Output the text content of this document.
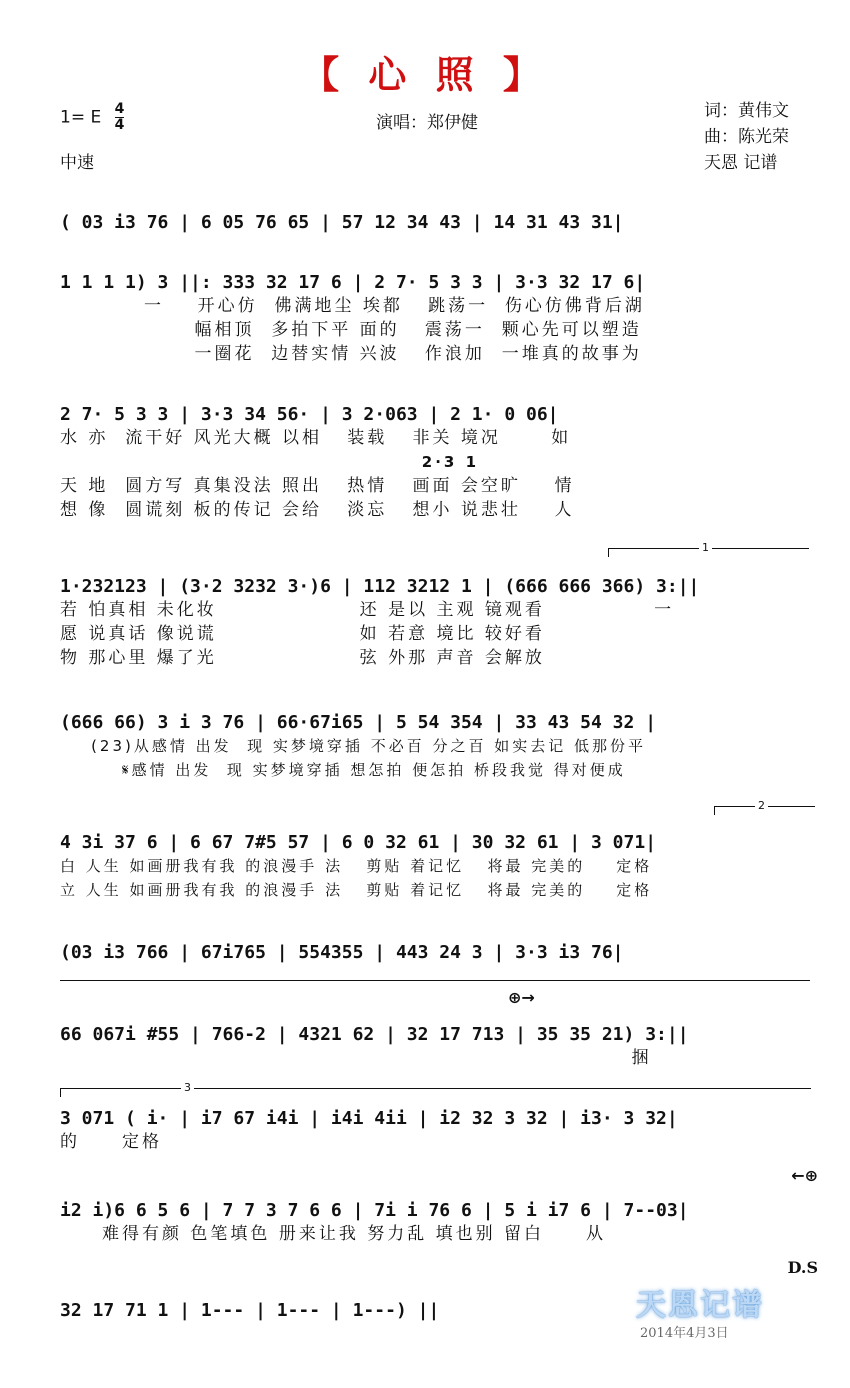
【 心 照 】
1= E $\frac{4}{4}$
中速
演唱：郑伊健
词：黄伟文
曲：陈光荣
天恩 记谱
( 03 i3 76 | 6 05 76 65 | 57 12 34 43 | 14 31 43 31|
1 1 1 1) 3 ||: 333 32 17 6 | 2 7· 5 3 3 | 3·3 32 17 6|
一    开心仿  佛满地尘 埃都   跳荡一  伤心仿佛背后湖
幅相顶  多拍下平 面的   震荡一  颗心先可以塑造
一圈花  边替实情 兴波   作浪加  一堆真的故事为
2 7· 5 3 3 | 3·3 34 56· | 3 2·063 | 2 1· 0 06|
水 亦  流干好 风光大概 以相   装载   非关 境况      如
2·3 1
天 地  圆方写 真集没法 照出   热情   画面 会空旷    情
想 像  圆谎刻 板的传记 会给   淡忘   想小 说悲壮    人
1
1·232123 | (3·2 3232 3·)6 | 112 3212 1 | (666 666 366) 3:||
若 怕真相 未化妆                 还 是以 主观 镜观看             一
愿 说真话 像说谎                 如 若意 境比 较好看
物 那心里 爆了光                 弦 外那 声音 会解放
(666 66) 3 i 3 76 | 66·67i65 | 5 54 354 | 33 43 54 32 |
(23)从感情 出发  现 实梦境穿插 不必百 分之百 如实去记 低那份平
𝄋感情 出发  现 实梦境穿插 想怎拍 便怎拍 桥段我觉 得对便成
2
4 3i 37 6 | 6 67 7#5 57 | 6 0 32 61 | 30 32 61 | 3 071|
白 人生 如画册我有我 的浪漫手 法   剪贴 着记忆   将最 完美的    定格
立 人生 如画册我有我 的浪漫手 法   剪贴 着记忆   将最 完美的    定格
(03 i3 766 | 67i765 | 554355 | 443 24 3 | 3·3 i3 76|
⊕→
66 067i #55 | 766-2 | 4321 62 | 32 17 713 | 35 35 21) 3:||
捆
3
3 071 ( i· | i7 67 i4i | i4i 4ii | i2 32 3 32 | i3· 3 32|
的     定格
←⊕
i2 i)6 6 5 6 | 7 7 3 7 6 6 | 7i i 76 6 | 5 i i7 6 | 7--03|
难得有颜 色笔填色 册来让我 努力乱 填也别 留白     从
D.S
32 17 71 1 | 1--- | 1--- | 1---) ||	天恩记谱
2014年4月3日
